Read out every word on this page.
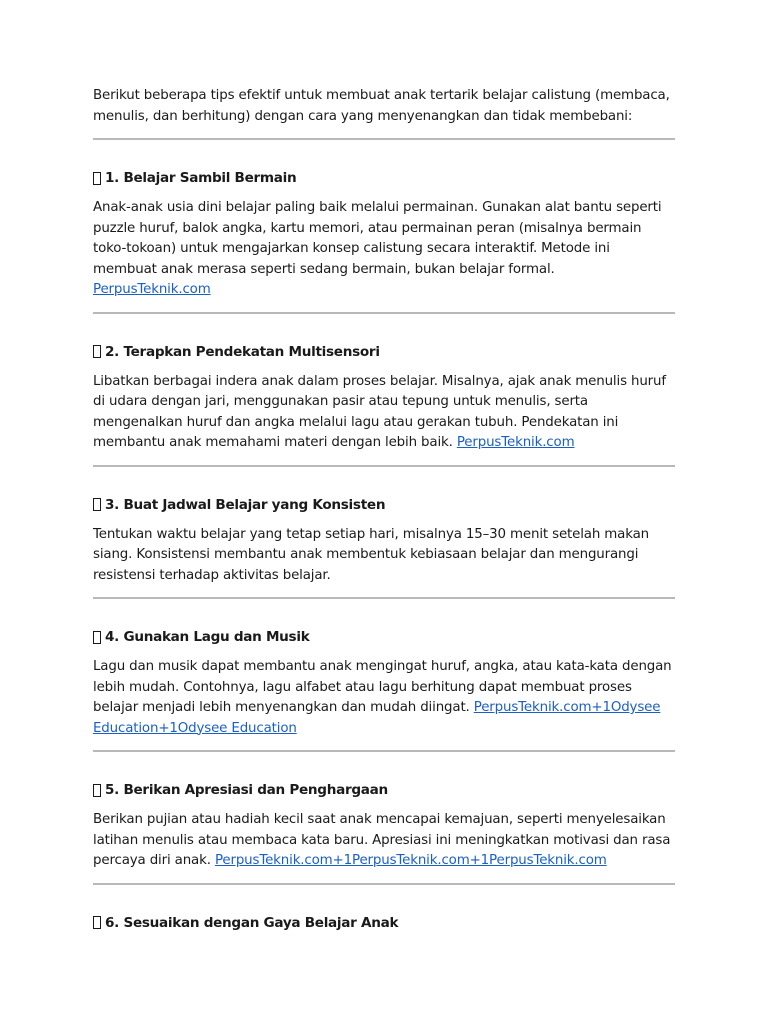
Berikut beberapa tips efektif untuk membuat anak tertarik belajar calistung (membaca, menulis, dan berhitung) dengan cara yang menyenangkan dan tidak membebani:

1. Belajar Sambil Bermain

Anak-anak usia dini belajar paling baik melalui permainan. Gunakan alat bantu seperti puzzle huruf, balok angka, kartu memori, atau permainan peran (misalnya bermain toko-tokoan) untuk mengajarkan konsep calistung secara interaktif. Metode ini membuat anak merasa seperti sedang bermain, bukan belajar formal. PerpusTeknik.com

2. Terapkan Pendekatan Multisensori

Libatkan berbagai indera anak dalam proses belajar. Misalnya, ajak anak menulis huruf di udara dengan jari, menggunakan pasir atau tepung untuk menulis, serta mengenalkan huruf dan angka melalui lagu atau gerakan tubuh. Pendekatan ini membantu anak memahami materi dengan lebih baik. PerpusTeknik.com

3. Buat Jadwal Belajar yang Konsisten

Tentukan waktu belajar yang tetap setiap hari, misalnya 15–30 menit setelah makan siang. Konsistensi membantu anak membentuk kebiasaan belajar dan mengurangi resistensi terhadap aktivitas belajar.

4. Gunakan Lagu dan Musik

Lagu dan musik dapat membantu anak mengingat huruf, angka, atau kata-kata dengan lebih mudah. Contohnya, lagu alfabet atau lagu berhitung dapat membuat proses belajar menjadi lebih menyenangkan dan mudah diingat. PerpusTeknik.com+1Odysee Education+1Odysee Education

5. Berikan Apresiasi dan Penghargaan

Berikan pujian atau hadiah kecil saat anak mencapai kemajuan, seperti menyelesaikan latihan menulis atau membaca kata baru. Apresiasi ini meningkatkan motivasi dan rasa percaya diri anak. PerpusTeknik.com+1PerpusTeknik.com+1PerpusTeknik.com

6. Sesuaikan dengan Gaya Belajar Anak
